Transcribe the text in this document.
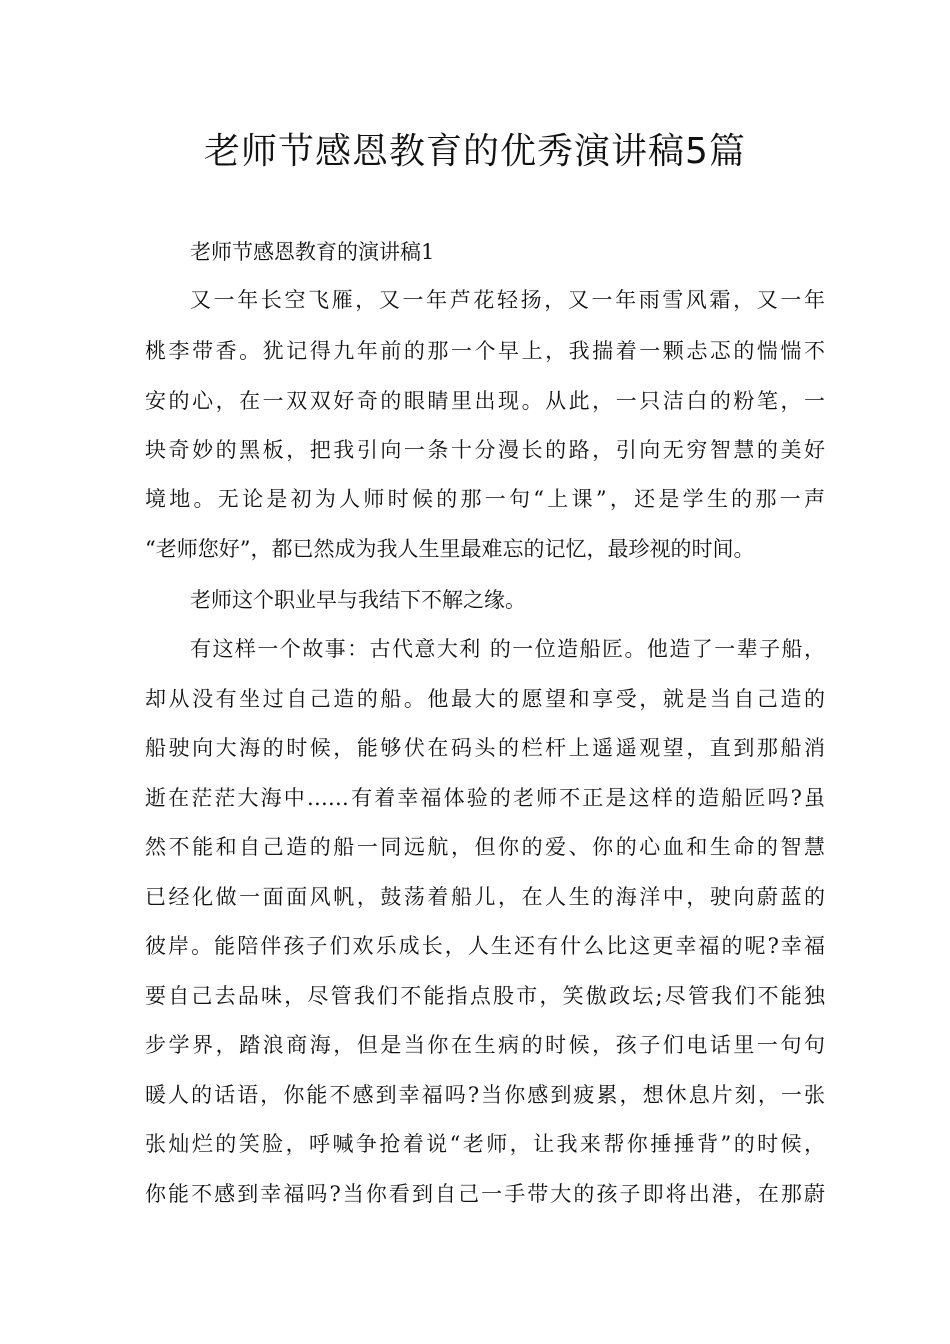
老师节感恩教育的优秀演讲稿5篇
老师节感恩教育的演讲稿1
又一年长空飞雁，又一年芦花轻扬，又一年雨雪风霜，又一年
桃李带香。犹记得九年前的那一个早上，我揣着一颗忐忑的惴惴不
安的心，在一双双好奇的眼睛里出现。从此，一只洁白的粉笔，一
块奇妙的黑板，把我引向一条十分漫长的路，引向无穷智慧的美好
境地。无论是初为人师时候的那一句“上课”，还是学生的那一声
“老师您好”，都已然成为我人生里最难忘的记忆，最珍视的时间。
老师这个职业早与我结下不解之缘。
有这样一个故事：古代意大利 的一位造船匠。他造了一辈子船，
却从没有坐过自己造的船。他最大的愿望和享受，就是当自己造的
船驶向大海的时候，能够伏在码头的栏杆上遥遥观望，直到那船消
逝在茫茫大海中……有着幸福体验的老师不正是这样的造船匠吗?虽
然不能和自己造的船一同远航，但你的爱、你的心血和生命的智慧
已经化做一面面风帆，鼓荡着船儿，在人生的海洋中，驶向蔚蓝的
彼岸。能陪伴孩子们欢乐成长，人生还有什么比这更幸福的呢?幸福
要自己去品味，尽管我们不能指点股市，笑傲政坛;尽管我们不能独
步学界，踏浪商海，但是当你在生病的时候，孩子们电话里一句句
暖人的话语，你能不感到幸福吗?当你感到疲累，想休息片刻，一张
张灿烂的笑脸，呼喊争抢着说“老师，让我来帮你捶捶背”的时候，
你能不感到幸福吗?当你看到自己一手带大的孩子即将出港，在那蔚
